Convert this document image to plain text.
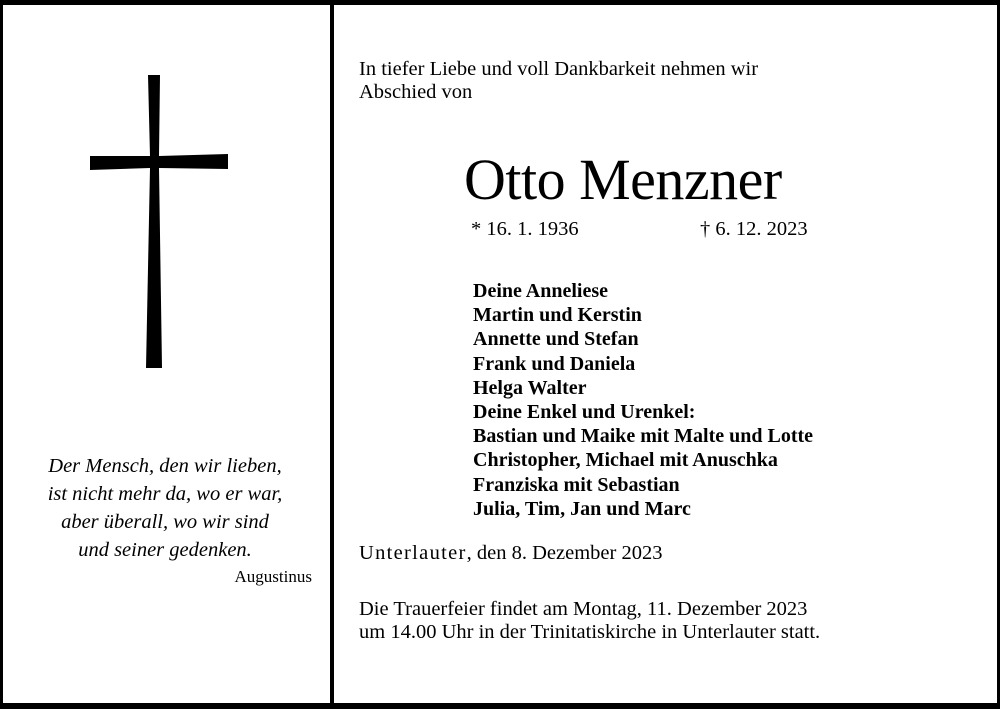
Der Mensch, den wir lieben,
ist nicht mehr da, wo er war,
aber überall, wo wir sind
und seiner gedenken.
Augustinus
In tiefer Liebe und voll Dankbarkeit nehmen wir
Abschied von
Otto Menzner
* 16. 1. 1936	† 6. 12. 2023
Deine Anneliese
Martin und Kerstin
Annette und Stefan
Frank und Daniela
Helga Walter
Deine Enkel und Urenkel:
Bastian und Maike mit Malte und Lotte
Christopher, Michael mit Anuschka
Franziska mit Sebastian
Julia, Tim, Jan und Marc
Unterlauter, den 8. Dezember 2023
Die Trauerfeier findet am Montag, 11. Dezember 2023
um 14.00 Uhr in der Trinitatiskirche in Unterlauter statt.
